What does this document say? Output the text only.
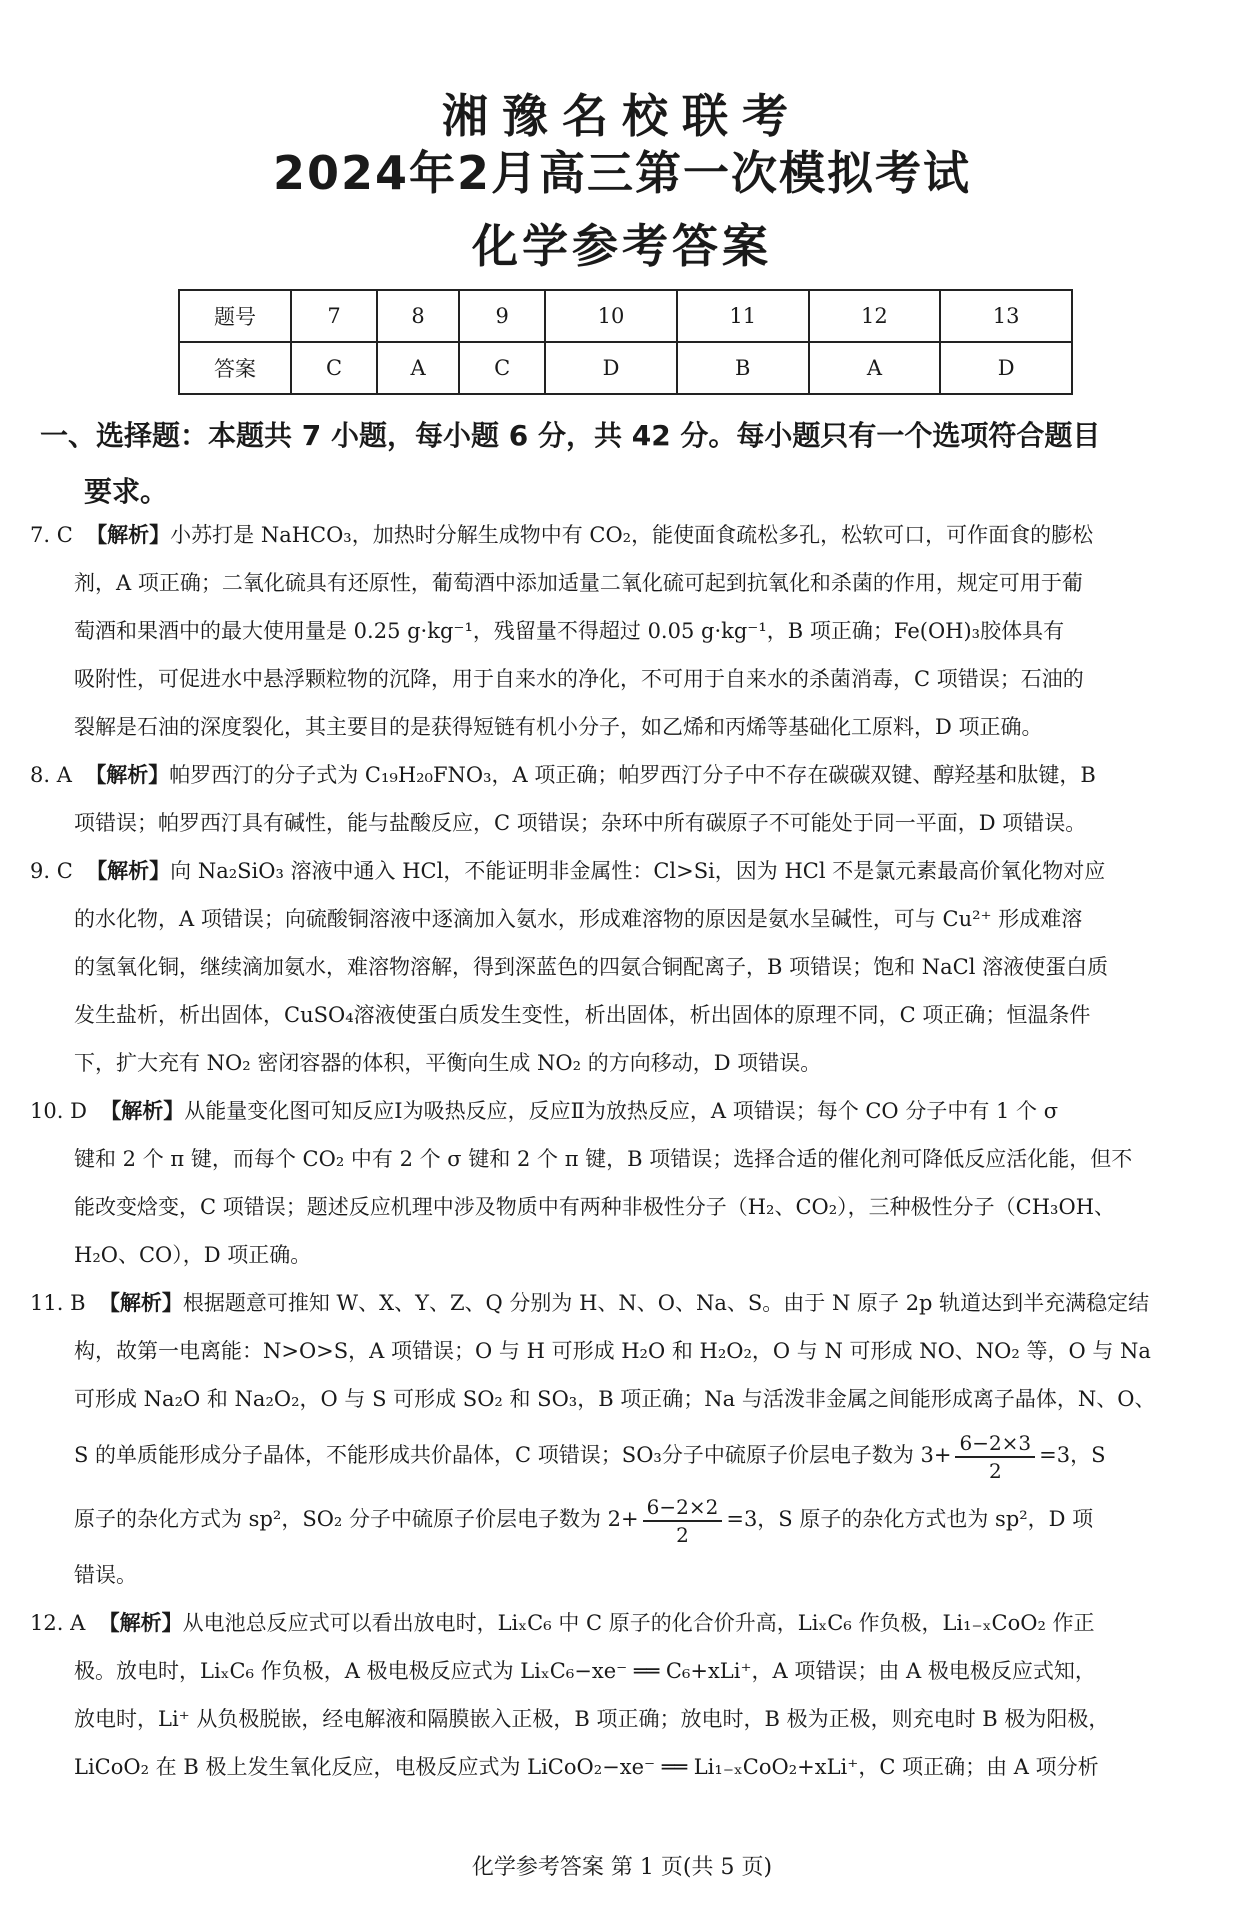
湘豫名校联考
2024年2月高三第一次模拟考试
化学参考答案
题号	7	8	9	10	11	12	13
答案	C	A	C	D	B	A	D
一、选择题：本题共 7 小题，每小题 6 分，共 42 分。每小题只有一个选项符合题目
要求。

7. C 【解析】小苏打是 NaHCO₃，加热时分解生成物中有 CO₂，能使面食疏松多孔，松软可口，可作面食的膨松

剂，A 项正确；二氧化硫具有还原性，葡萄酒中添加适量二氧化硫可起到抗氧化和杀菌的作用，规定可用于葡

萄酒和果酒中的最大使用量是 0.25 g·kg⁻¹，残留量不得超过 0.05 g·kg⁻¹，B 项正确；Fe(OH)₃胶体具有

吸附性，可促进水中悬浮颗粒物的沉降，用于自来水的净化，不可用于自来水的杀菌消毒，C 项错误；石油的

裂解是石油的深度裂化，其主要目的是获得短链有机小分子，如乙烯和丙烯等基础化工原料，D 项正确。

8. A 【解析】帕罗西汀的分子式为 C₁₉H₂₀FNO₃，A 项正确；帕罗西汀分子中不存在碳碳双键、醇羟基和肽键，B

项错误；帕罗西汀具有碱性，能与盐酸反应，C 项错误；杂环中所有碳原子不可能处于同一平面，D 项错误。

9. C 【解析】向 Na₂SiO₃ 溶液中通入 HCl，不能证明非金属性：Cl>Si，因为 HCl 不是氯元素最高价氧化物对应

的水化物，A 项错误；向硫酸铜溶液中逐滴加入氨水，形成难溶物的原因是氨水呈碱性，可与 Cu²⁺ 形成难溶

的氢氧化铜，继续滴加氨水，难溶物溶解，得到深蓝色的四氨合铜配离子，B 项错误；饱和 NaCl 溶液使蛋白质

发生盐析，析出固体，CuSO₄溶液使蛋白质发生变性，析出固体，析出固体的原理不同，C 项正确；恒温条件

下，扩大充有 NO₂ 密闭容器的体积，平衡向生成 NO₂ 的方向移动，D 项错误。

10. D 【解析】从能量变化图可知反应Ⅰ为吸热反应，反应Ⅱ为放热反应，A 项错误；每个 CO 分子中有 1 个 σ

键和 2 个 π 键，而每个 CO₂ 中有 2 个 σ 键和 2 个 π 键，B 项错误；选择合适的催化剂可降低反应活化能，但不

能改变焓变，C 项错误；题述反应机理中涉及物质中有两种非极性分子（H₂、CO₂），三种极性分子（CH₃OH、

H₂O、CO），D 项正确。

11. B 【解析】根据题意可推知 W、X、Y、Z、Q 分别为 H、N、O、Na、S。由于 N 原子 2p 轨道达到半充满稳定结

构，故第一电离能：N>O>S，A 项错误；O 与 H 可形成 H₂O 和 H₂O₂，O 与 N 可形成 NO、NO₂ 等，O 与 Na

可形成 Na₂O 和 Na₂O₂，O 与 S 可形成 SO₂ 和 SO₃，B 项正确；Na 与活泼非金属之间能形成离子晶体，N、O、

S 的单质能形成分子晶体，不能形成共价晶体，C 项错误；SO₃分子中硫原子价层电子数为 $3+ \frac{6-2\times 3}{2} =3$，S

原子的杂化方式为 sp²，SO₂ 分子中硫原子价层电子数为 $2+ \frac{6-2\times 2}{2} =3$，S 原子的杂化方式也为 sp²，D 项

错误。

12. A 【解析】从电池总反应式可以看出放电时，LiₓC₆ 中 C 原子的化合价升高，LiₓC₆ 作负极，Li₁₋ₓCoO₂ 作正

极。放电时，LiₓC₆ 作负极，A 极电极反应式为 LiₓC₆−xe⁻ ══ C₆+xLi⁺，A 项错误；由 A 极电极反应式知，

放电时，Li⁺ 从负极脱嵌，经电解液和隔膜嵌入正极，B 项正确；放电时，B 极为正极，则充电时 B 极为阳极，

LiCoO₂ 在 B 极上发生氧化反应，电极反应式为 LiCoO₂−xe⁻ ══ Li₁₋ₓCoO₂+xLi⁺，C 项正确；由 A 项分析

化学参考答案 第 1 页(共 5 页)
